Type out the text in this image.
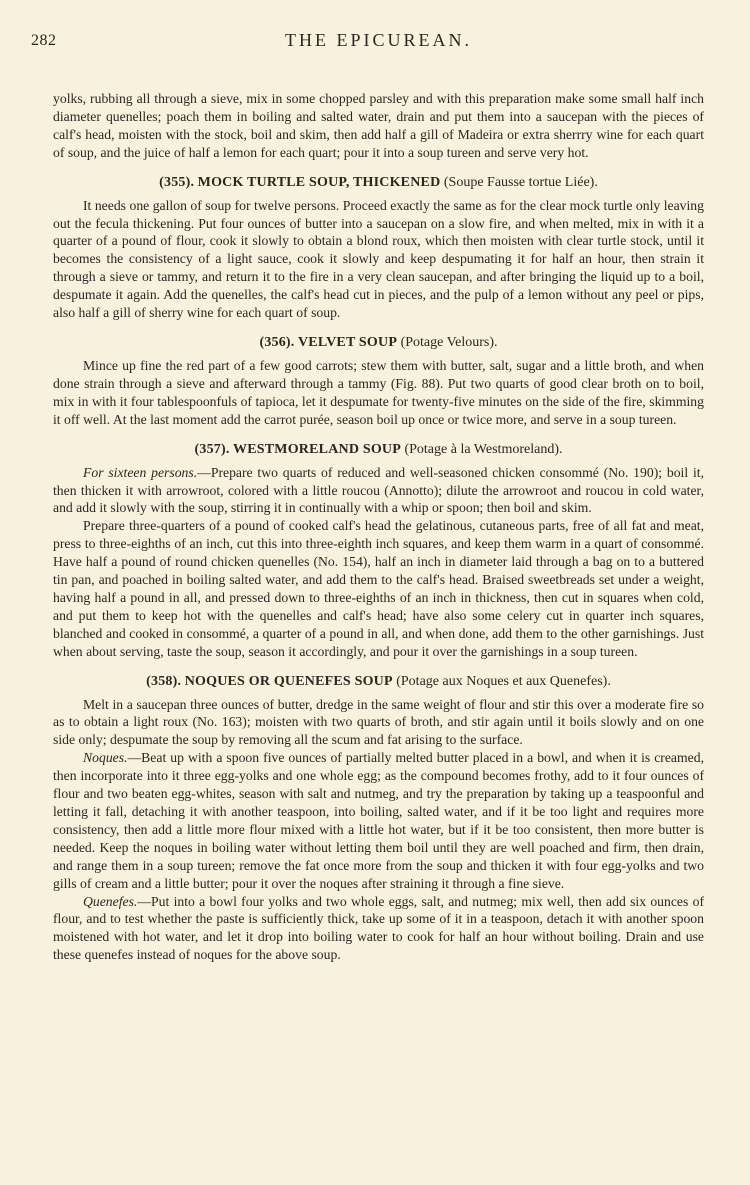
282	THE EPICUREAN.

yolks, rubbing all through a sieve, mix in some chopped parsley and with this preparation make some small half inch diameter quenelles; poach them in boiling and salted water, drain and put them into a saucepan with the pieces of calf's head, moisten with the stock, boil and skim, then add half a gill of Madeira or extra sherrry wine for each quart of soup, and the juice of half a lemon for each quart; pour it into a soup tureen and serve very hot.

(355). MOCK TURTLE SOUP, THICKENED (Soupe Fausse tortue Liée).

It needs one gallon of soup for twelve persons. Proceed exactly the same as for the clear mock turtle only leaving out the fecula thickening. Put four ounces of butter into a saucepan on a slow fire, and when melted, mix in with it a quarter of a pound of flour, cook it slowly to obtain a blond roux, which then moisten with clear turtle stock, until it becomes the consistency of a light sauce, cook it slowly and keep despumating it for half an hour, then strain it through a sieve or tammy, and return it to the fire in a very clean saucepan, and after bringing the liquid up to a boil, despumate it again. Add the quenelles, the calf's head cut in pieces, and the pulp of a lemon without any peel or pips, also half a gill of sherry wine for each quart of soup.

(356). VELVET SOUP (Potage Velours).

Mince up fine the red part of a few good carrots; stew them with butter, salt, sugar and a little broth, and when done strain through a sieve and afterward through a tammy (Fig. 88). Put two quarts of good clear broth on to boil, mix in with it four tablespoonfuls of tapioca, let it despumate for twenty-five minutes on the side of the fire, skimming it off well. At the last moment add the carrot purée, season boil up once or twice more, and serve in a soup tureen.

(357). WESTMORELAND SOUP (Potage à la Westmoreland).

For sixteen persons.—Prepare two quarts of reduced and well-seasoned chicken consommé (No. 190); boil it, then thicken it with arrowroot, colored with a little roucou (Annotto); dilute the arrowroot and roucou in cold water, and add it slowly with the soup, stirring it in continually with a whip or spoon; then boil and skim.

Prepare three-quarters of a pound of cooked calf's head the gelatinous, cutaneous parts, free of all fat and meat, press to three-eighths of an inch, cut this into three-eighth inch squares, and keep them warm in a quart of consommé. Have half a pound of round chicken quenelles (No. 154), half an inch in diameter laid through a bag on to a buttered tin pan, and poached in boiling salted water, and add them to the calf's head. Braised sweetbreads set under a weight, having half a pound in all, and pressed down to three-eighths of an inch in thickness, then cut in squares when cold, and put them to keep hot with the quenelles and calf's head; have also some celery cut in quarter inch squares, blanched and cooked in consommé, a quarter of a pound in all, and when done, add them to the other garnishings. Just when about serving, taste the soup, season it accordingly, and pour it over the garnishings in a soup tureen.

(358). NOQUES OR QUENEFES SOUP (Potage aux Noques et aux Quenefes).

Melt in a saucepan three ounces of butter, dredge in the same weight of flour and stir this over a moderate fire so as to obtain a light roux (No. 163); moisten with two quarts of broth, and stir again until it boils slowly and on one side only; despumate the soup by removing all the scum and fat arising to the surface.

Noques.—Beat up with a spoon five ounces of partially melted butter placed in a bowl, and when it is creamed, then incorporate into it three egg-yolks and one whole egg; as the compound becomes frothy, add to it four ounces of flour and two beaten egg-whites, season with salt and nutmeg, and try the preparation by taking up a teaspoonful and letting it fall, detaching it with another teaspoon, into boiling, salted water, and if it be too light and requires more consistency, then add a little more flour mixed with a little hot water, but if it be too consistent, then more butter is needed. Keep the noques in boiling water without letting them boil until they are well poached and firm, then drain, and range them in a soup tureen; remove the fat once more from the soup and thicken it with four egg-yolks and two gills of cream and a little butter; pour it over the noques after straining it through a fine sieve.

Quenefes.—Put into a bowl four yolks and two whole eggs, salt, and nutmeg; mix well, then add six ounces of flour, and to test whether the paste is sufficiently thick, take up some of it in a teaspoon, detach it with another spoon moistened with hot water, and let it drop into boiling water to cook for half an hour without boiling. Drain and use these quenefes instead of noques for the above soup.
